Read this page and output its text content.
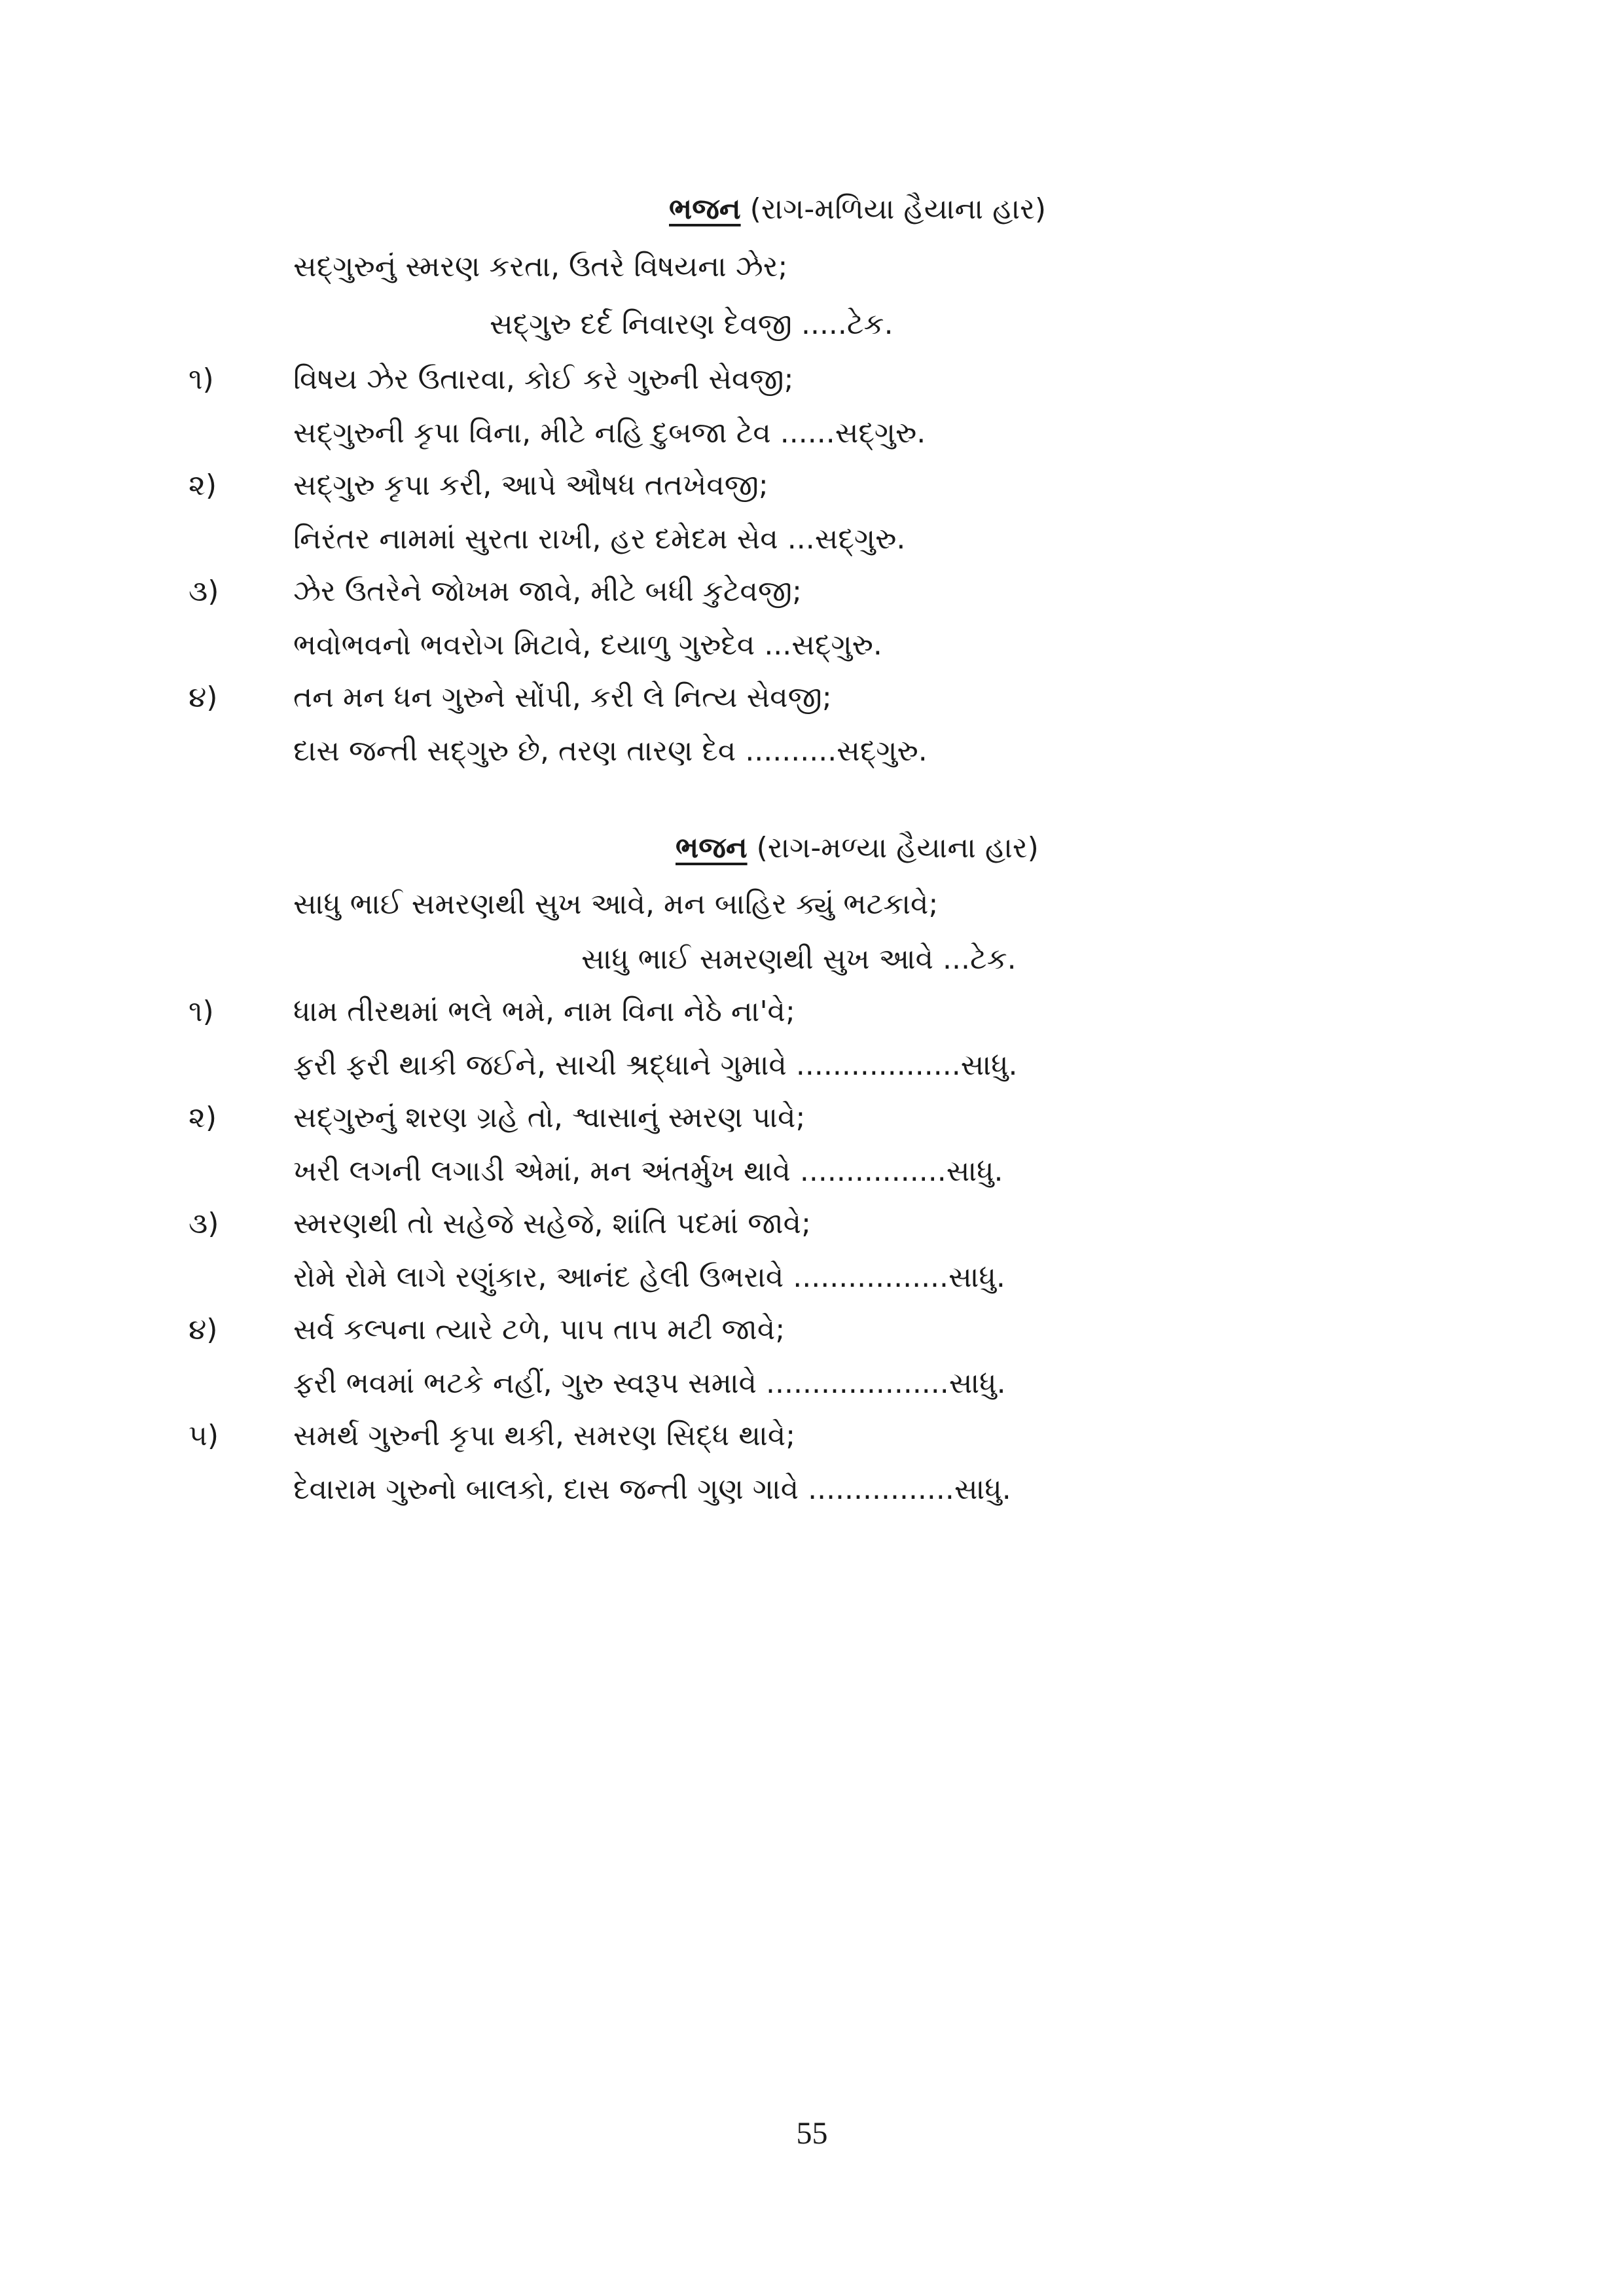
ભજન (રાગ-મળિયા હૈયાના હાર)
સદ્‌ગુરુનું સ્મરણ કરતા, ઉતરે વિષયના ઝેર;
સદ્‌ગુરુ દર્દ નિવારણ દેવજી .....ટેક.
૧)	વિષય ઝેર ઉતારવા, કોઈ કરે ગુરુની સેવજી;
સદ્‌ગુરુની કૃપા વિના, મીટે નહિ દુબજા ટેવ ......સદ્‌ગુરુ.
૨)	સદ્‌ગુરુ કૃપા કરી, આપે ઔષધ તતખેવજી;
નિરંતર નામમાં સુરતા રાખી, હર દમેદમ સેવ ...સદ્‌ગુરુ.
૩)	ઝેર ઉતરેને જોખમ જાવે, મીટે બધી કુટેવજી;
ભવોભવનો ભવરોગ મિટાવે, દયાળુ ગુરુદેવ ...સદ્‌ગુરુ.
૪)	તન મન ધન ગુરુને સોંપી, કરી લે નિત્ય સેવજી;
દાસ જન્તી સદ્‌ગુરુ છે, તરણ તારણ દેવ ..........સદ્‌ગુરુ.
ભજન (રાગ-મળ્યા હૈયાના હાર)
સાધુ ભાઈ સમરણથી સુખ આવે, મન બાહિર ક્યું ભટકાવે;
સાધુ ભાઈ સમરણથી સુખ આવે ...ટેક.
૧)	ધામ તીરથમાં ભલે ભમે, નામ વિના નેઠે ના'વે;
ફરી ફરી થાકી જઈને, સાચી શ્રદ્ધાને ગુમાવે ..................સાધુ.
૨)	સદ્‌ગુરુનું શરણ ગ્રહે તો, શ્વાસાનું સ્મરણ પાવે;
ખરી લગની લગાડી એમાં, મન અંતર્મુખ થાવે ................સાધુ.
૩)	સ્મરણથી તો સહેજે સહેજે, શાંતિ પદમાં જાવે;
રોમે રોમે લાગે રણુંકાર, આનંદ હેલી ઉભરાવે .................સાધુ.
૪)	સર્વ કલ્પના ત્યારે ટળે, પાપ તાપ મટી જાવે;
ફરી ભવમાં ભટકે નહીં, ગુરુ સ્વરૂપ સમાવે ....................સાધુ.
૫)	સમર્થ ગુરુની કૃપા થકી, સમરણ સિદ્ધ થાવે;
દેવારામ ગુરુનો બાલકો, દાસ જન્તી ગુણ ગાવે ................સાધુ.
55
